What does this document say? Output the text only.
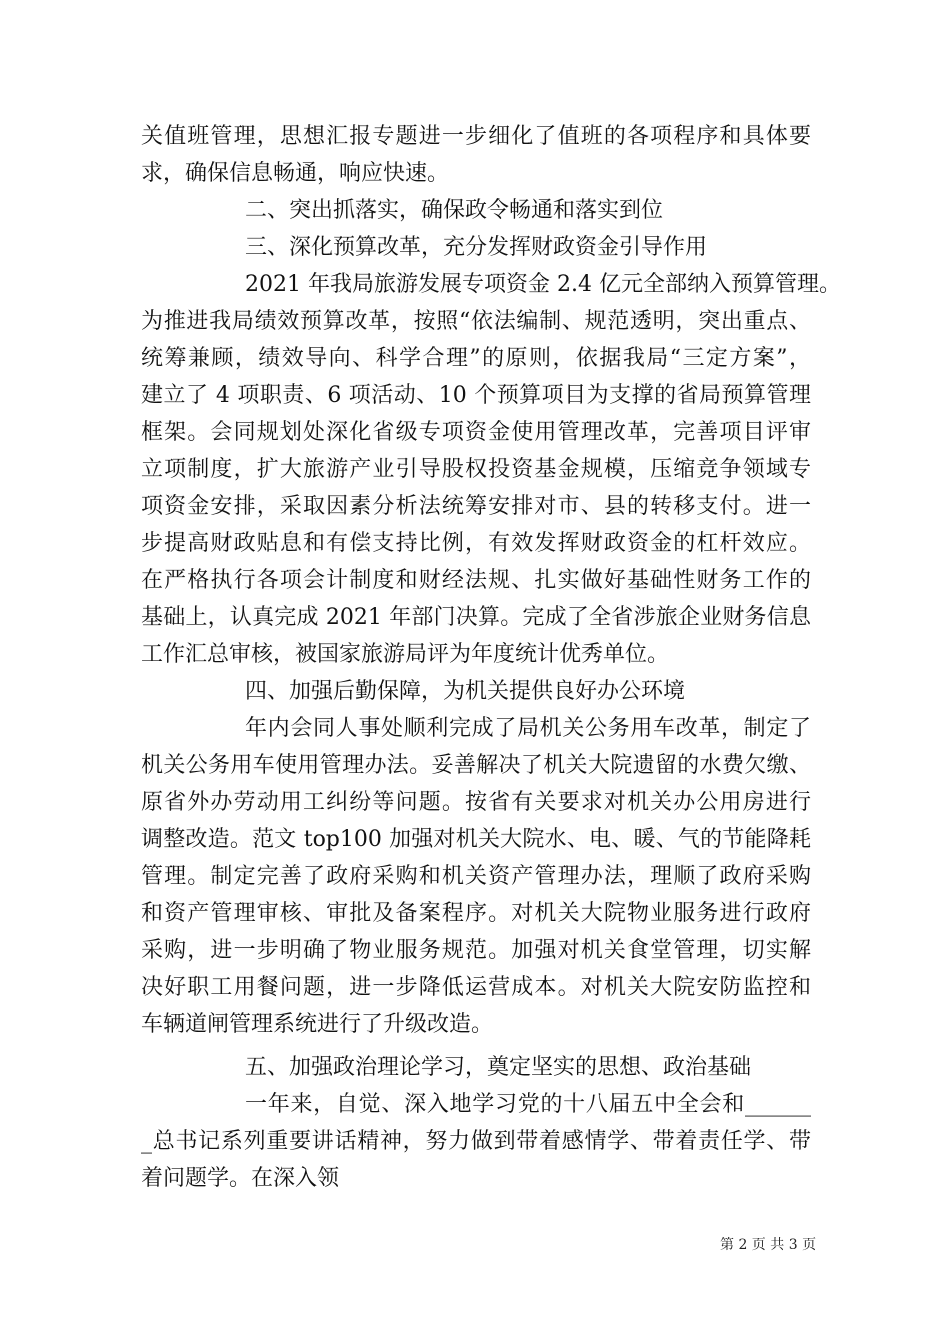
关值班管理，思想汇报专题进一步细化了值班的各项程序和具体要
求，确保信息畅通，响应快速。
二、突出抓落实，确保政令畅通和落实到位
三、深化预算改革，充分发挥财政资金引导作用
2021 年我局旅游发展专项资金 2.4 亿元全部纳入预算管理。
为推进我局绩效预算改革，按照“依法编制、规范透明，突出重点、
统筹兼顾，绩效导向、科学合理”的原则，依据我局“三定方案”，
建立了 4 项职责、6 项活动、10 个预算项目为支撑的省局预算管理
框架。会同规划处深化省级专项资金使用管理改革，完善项目评审
立项制度，扩大旅游产业引导股权投资基金规模，压缩竞争领域专
项资金安排，采取因素分析法统筹安排对市、县的转移支付。进一
步提高财政贴息和有偿支持比例，有效发挥财政资金的杠杆效应。
在严格执行各项会计制度和财经法规、扎实做好基础性财务工作的
基础上，认真完成 2021 年部门决算。完成了全省涉旅企业财务信息
工作汇总审核，被国家旅游局评为年度统计优秀单位。
四、加强后勤保障，为机关提供良好办公环境
年内会同人事处顺利完成了局机关公务用车改革，制定了
机关公务用车使用管理办法。妥善解决了机关大院遗留的水费欠缴、
原省外办劳动用工纠纷等问题。按省有关要求对机关办公用房进行
调整改造。范文 top100 加强对机关大院水、电、暖、气的节能降耗
管理。制定完善了政府采购和机关资产管理办法，理顺了政府采购
和资产管理审核、审批及备案程序。对机关大院物业服务进行政府
采购，进一步明确了物业服务规范。加强对机关食堂管理，切实解
决好职工用餐问题，进一步降低运营成本。对机关大院安防监控和
车辆道闸管理系统进行了升级改造。
五、加强政治理论学习，奠定坚实的思想、政治基础
一年来，自觉、深入地学习党的十八届五中全会和______
_总书记系列重要讲话精神，努力做到带着感情学、带着责任学、带
着问题学。在深入领
第 2 页 共 3 页
